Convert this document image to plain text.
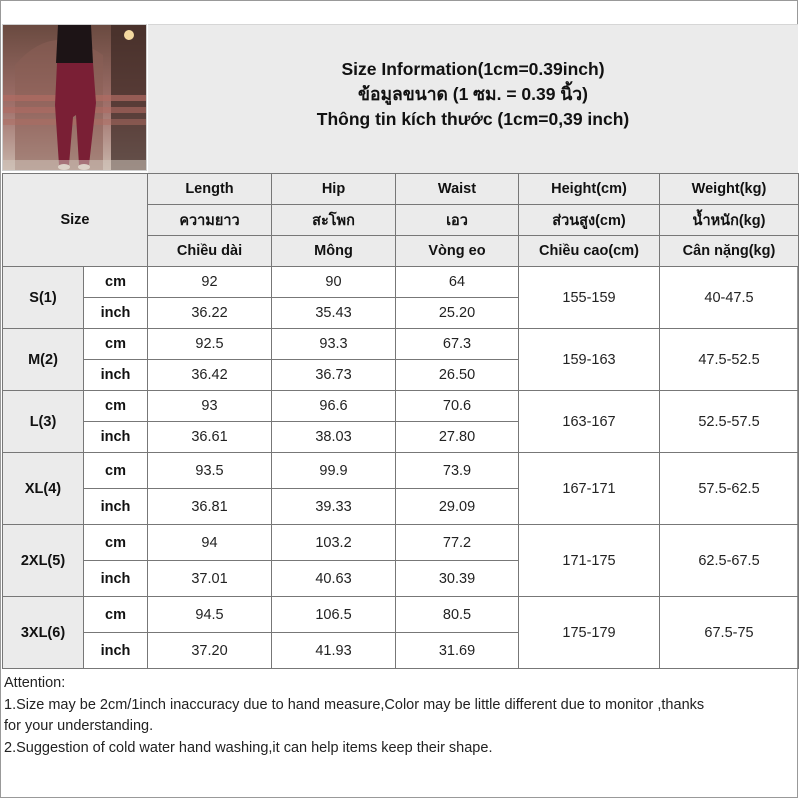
Size Information(1cm=0.39inch)
ข้อมูลขนาด (1 ซม. = 0.39 นิ้ว)
Thông tin kích thước (1cm=0,39 inch)
Size		Length	Hip	Waist	Height(cm)	Weight(kg)
		ความยาว	สะโพก	เอว	ส่วนสูง(cm)	น้ำหนัก(kg)
		Chiều dài	Mông	Vòng eo	Chiều cao(cm)	Cân nặng(kg)
S(1)	cm	92	90	64	155-159	40-47.5
	inch	36.22	35.43	25.20		
M(2)	cm	92.5	93.3	67.3	159-163	47.5-52.5
	inch	36.42	36.73	26.50		
L(3)	cm	93	96.6	70.6	163-167	52.5-57.5
	inch	36.61	38.03	27.80		
XL(4)	cm	93.5	99.9	73.9	167-171	57.5-62.5
	inch	36.81	39.33	29.09		
2XL(5)	cm	94	103.2	77.2	171-175	62.5-67.5
	inch	37.01	40.63	30.39		
3XL(6)	cm	94.5	106.5	80.5	175-179	67.5-75
	inch	37.20	41.93	31.69		
Attention:
1.Size may be 2cm/1inch inaccuracy due to hand measure,Color may be little different due to monitor ,thanks
for your understanding.
2.Suggestion of cold water hand washing,it can help items keep their shape.
